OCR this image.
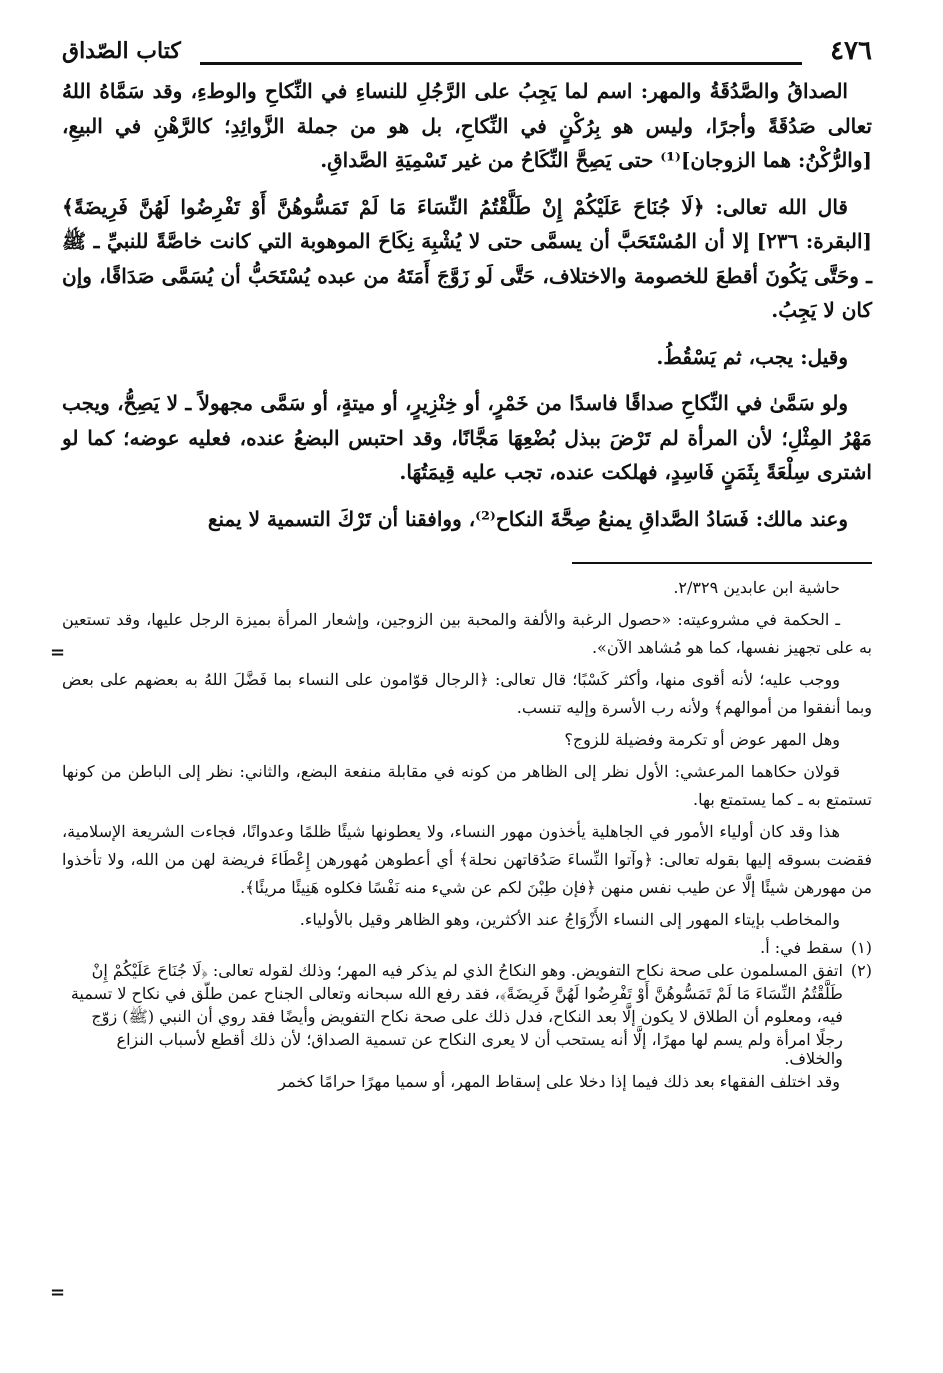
٤٧٦
كتاب الصّداق

الصداقُ والصَّدُقَةُ والمهر: اسم لما يَجِبُ على الرَّجُلِ للنساءِ في النِّكاحِ والوطءِ، وقد سَمَّاهُ اللهُ تعالى صَدُقَةً وأجرًا، وليس هو بِرُكْنٍ في النِّكاحِ، بل هو من جملة الزَّوائِدِ؛ كالرَّهْنِ في البيعِ، [والرُّكْنُ: هما الزوجان]⁽¹⁾ حتى يَصِحَّ النِّكَاحُ من غير تَسْمِيَةِ الصَّداقِ.

قال الله تعالى: ﴿لَا جُنَاحَ عَلَيْكُمْ إِنْ طَلَّقْتُمُ النِّسَاءَ مَا لَمْ تَمَسُّوهُنَّ أَوْ تَفْرِضُوا لَهُنَّ فَرِيضَةً﴾ [البقرة: ٢٣٦] إلا أن المُسْتَحَبَّ أن يسمَّى حتى لا يُشْبِهَ نِكَاحَ الموهوبة التي كانت خاصَّةً للنبيِّ ـ ﷺ ـ وحَتَّى يَكُونَ أقطعَ للخصومة والاختلاف، حَتَّى لَو زَوَّجَ أَمَتَهُ من عبده يُسْتَحَبُّ أن يُسَمَّى صَدَاقًا، وإن كان لا يَجِبُ.

وقيل: يجب، ثم يَسْقُطُ.

ولو سَمَّىٰ في النِّكاحِ صداقًا فاسدًا من خَمْرٍ، أو خِنْزِيرٍ، أو ميتةٍ، أو سَمَّى مجهولاً ـ لا يَصِحُّ، ويجب مَهْرُ المِثْلِ؛ لأن المرأة لم تَرْضَ ببذل بُضْعِهَا مَجَّانًا، وقد احتبس البضعُ عنده، فعليه عوضه؛ كما لو اشترى سِلْعَةً بِثَمَنٍ فَاسِدٍ، فهلكت عنده، تجب عليه قِيمَتُهَا.

وعند مالك: فَسَادُ الصَّداقِ يمنعُ صِحَّةَ النكاح⁽²⁾، ووافقنا أن تَرْكَ التسمية لا يمنع

=

حاشية ابن عابدين ٢/٣٢٩.

ـ الحكمة في مشروعيته: «حصول الرغبة والألفة والمحبة بين الزوجين، وإشعار المرأة بميزة الرجل عليها، وقد تستعين به على تجهيز نفسها، كما هو مُشاهد الآن».

ووجب عليه؛ لأنه أقوى منها، وأكثر كَسْبًا؛ قال تعالى: ﴿الرجال قوّامون على النساء بما فَضَّلَ اللهُ به بعضهم على بعض وبما أنفقوا من أموالهم﴾ ولأنه رب الأسرة وإليه تنسب.

وهل المهر عوض أو تكرمة وفضيلة للزوج؟

قولان حكاهما المرعشي: الأول نظر إلى الظاهر من كونه في مقابلة منفعة البضع، والثاني: نظر إلى الباطن من كونها تستمتع به ـ كما يستمتع بها.

هذا وقد كان أولياء الأمور في الجاهلية يأخذون مهور النساء، ولا يعطونها شيئًا ظلمًا وعدوانًا، فجاءت الشريعة الإسلامية، فقضت بسوقه إليها بقوله تعالى: ﴿وآتوا النِّساءَ صَدُقاتهن نحلة﴾ أي أعطوهن مُهورهن إِعْطَاءَ فريضة لهن من الله، ولا تأخذوا من مهورهن شيئًا إلَّا عن طيب نفس منهن ﴿فإن طِبْنَ لكم عن شيء منه نَفْسًا فكلوه هَنِيئًا مريئًا﴾.

والمخاطب بإيتاء المهور إلى النساء الأَزْوَاجُ عند الأكثرين، وهو الظاهر وقيل بالأولياء.

(١)
سقط في: أ.
(٢)
اتفق المسلمون على صحة نكاح التفويض. وهو النكاحُ الذي لم يذكر فيه المهر؛ وذلك لقوله تعالى: ﴿لَا جُنَاحَ عَلَيْكُمْ إِنْ طَلَّقْتُمُ النِّسَاءَ مَا لَمْ تَمَسُّوهُنَّ أَوْ تَفْرِضُوا لَهُنَّ فَرِيضَةً﴾، فقد رفع الله سبحانه وتعالى الجناح عمن طلّق في نكاح لا تسمية فيه، ومعلوم أن الطلاق لا يكون إلَّا بعد النكاح، فدل ذلك على صحة نكاح التفويض وأيضًا فقد روي أن النبي (ﷺ) زوّج رجلًا امرأة ولم يسم لها مهرًا، إلَّا أنه يستحب أن لا يعرى النكاح عن تسمية الصداق؛ لأن ذلك أقطع لأسباب النزاع والخلاف.

وقد اختلف الفقهاء بعد ذلك فيما إذا دخلا على إسقاط المهر، أو سميا مهرًا حرامًا كخمر

=
